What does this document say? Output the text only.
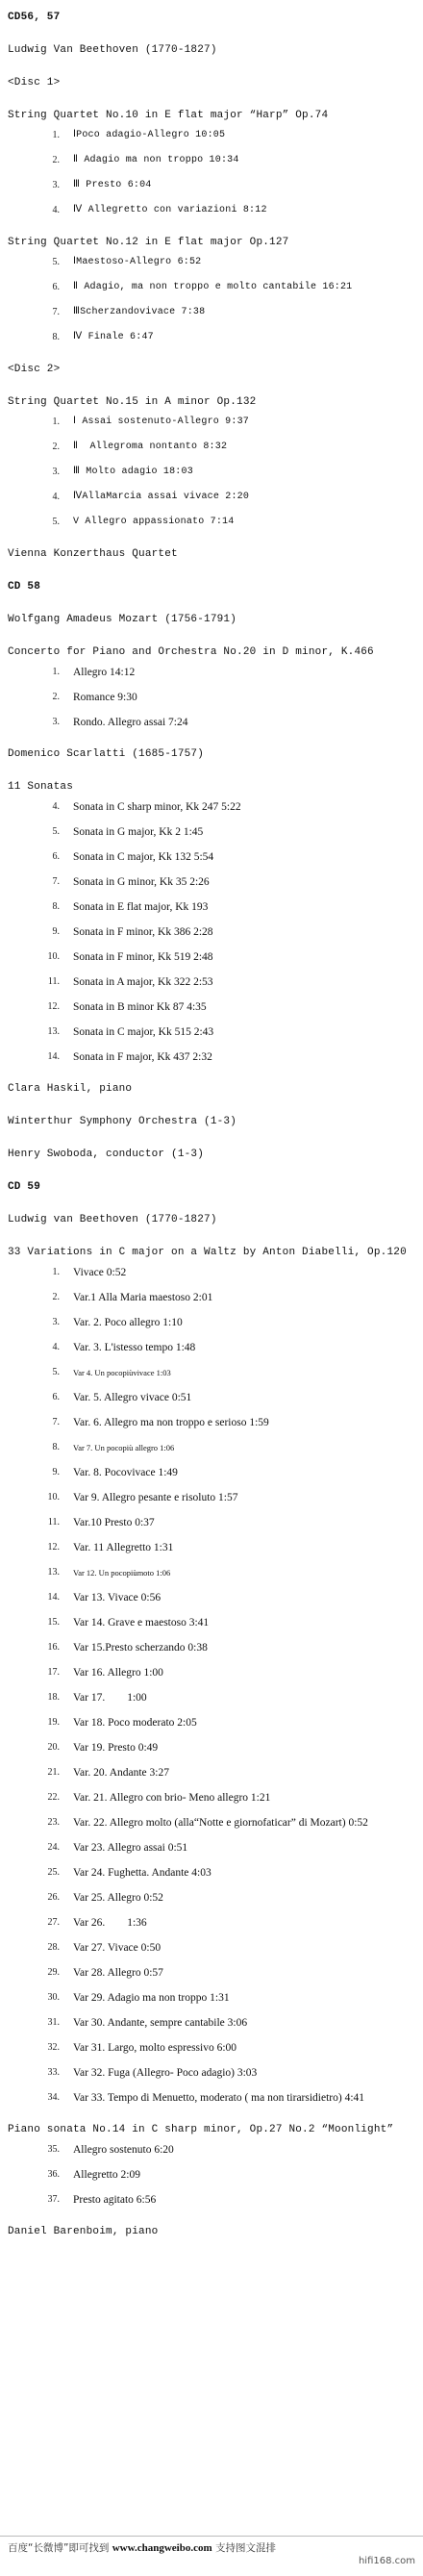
CD56, 57
Ludwig Van Beethoven (1770-1827)
<Disc 1>
String Quartet No.10 in E flat major “Harp” Op.74
1.	ⅠPoco adagio-Allegro 10:05
2.	Ⅱ Adagio ma non troppo 10:34
3.	Ⅲ Presto 6:04
4.	Ⅳ Allegretto con variazioni 8:12
String Quartet No.12 in E flat major Op.127
5.	ⅠMaestoso-Allegro 6:52
6.	Ⅱ Adagio, ma non troppo e molto cantabile 16:21
7.	ⅢScherzandovivace 7:38
8.	Ⅳ Finale 6:47
<Disc 2>
String Quartet No.15 in A minor Op.132
1.	Ⅰ Assai sostenuto-Allegro 9:37
2.	Ⅱ  Allegroma nontanto 8:32
3.	Ⅲ Molto adagio 18:03
4.	ⅣAllaMarcia assai vivace 2:20
5.	V Allegro appassionato 7:14
Vienna Konzerthaus Quartet
CD 58
Wolfgang Amadeus Mozart (1756-1791)
Concerto for Piano and Orchestra No.20 in D minor, K.466
1.	Allegro 14:12
2.	Romance 9:30
3.	Rondo. Allegro assai 7:24
Domenico Scarlatti (1685-1757)
11 Sonatas
4.	Sonata in C sharp minor, Kk 247 5:22
5.	Sonata in G major, Kk 2 1:45
6.	Sonata in C major, Kk 132 5:54
7.	Sonata in G minor, Kk 35 2:26
8.	Sonata in E flat major, Kk 193
9.	Sonata in F minor, Kk 386 2:28
10.	Sonata in F minor, Kk 519 2:48
11.	Sonata in A major, Kk 322 2:53
12.	Sonata in B minor Kk 87 4:35
13.	Sonata in C major, Kk 515 2:43
14.	Sonata in F major, Kk 437 2:32
Clara Haskil, piano
Winterthur Symphony Orchestra (1-3)
Henry Swoboda, conductor (1-3)
CD 59
Ludwig van Beethoven (1770-1827)
33 Variations in C major on a Waltz by Anton Diabelli, Op.120
1.	Vivace 0:52
2.	Var.1 Alla Maria maestoso 2:01
3.	Var. 2. Poco allegro 1:10
4.	Var. 3. L'istesso tempo 1:48
5.	Var 4. Un pocopiùvivace 1:03
6.	Var. 5. Allegro vivace 0:51
7.	Var. 6. Allegro ma non troppo e serioso 1:59
8.	Var 7. Un pocopiù allegro 1:06
9.	Var. 8. Pocovivace 1:49
10.	Var 9. Allegro pesante e risoluto 1:57
11.	Var.10 Presto 0:37
12.	Var. 11 Allegretto 1:31
13.	Var 12. Un pocopiùmoto 1:06
14.	Var 13. Vivace 0:56
15.	Var 14. Grave e maestoso 3:41
16.	Var 15.Presto scherzando 0:38
17.	Var 16. Allegro 1:00
18.	Var 17.        1:00
19.	Var 18. Poco moderato 2:05
20.	Var 19. Presto 0:49
21.	Var. 20. Andante 3:27
22.	Var. 21. Allegro con brio- Meno allegro 1:21
23.	Var. 22. Allegro molto (alla“Notte e giornofaticar” di Mozart) 0:52
24.	Var 23. Allegro assai 0:51
25.	Var 24. Fughetta. Andante 4:03
26.	Var 25. Allegro 0:52
27.	Var 26.        1:36
28.	Var 27. Vivace 0:50
29.	Var 28. Allegro 0:57
30.	Var 29. Adagio ma non troppo 1:31
31.	Var 30. Andante, sempre cantabile 3:06
32.	Var 31. Largo, molto espressivo 6:00
33.	Var 32. Fuga (Allegro- Poco adagio) 3:03
34.	Var 33. Tempo di Menuetto, moderato ( ma non tirarsidietro) 4:41
Piano sonata No.14 in C sharp minor, Op.27 No.2 “Moonlight”
35.	Allegro sostenuto 6:20
36.	Allegretto 2:09
37.	Presto agitato 6:56
Daniel Barenboim, piano
百度“长微博”即可找到 www.changweibo.com 支持图文混排
hifi168.com
